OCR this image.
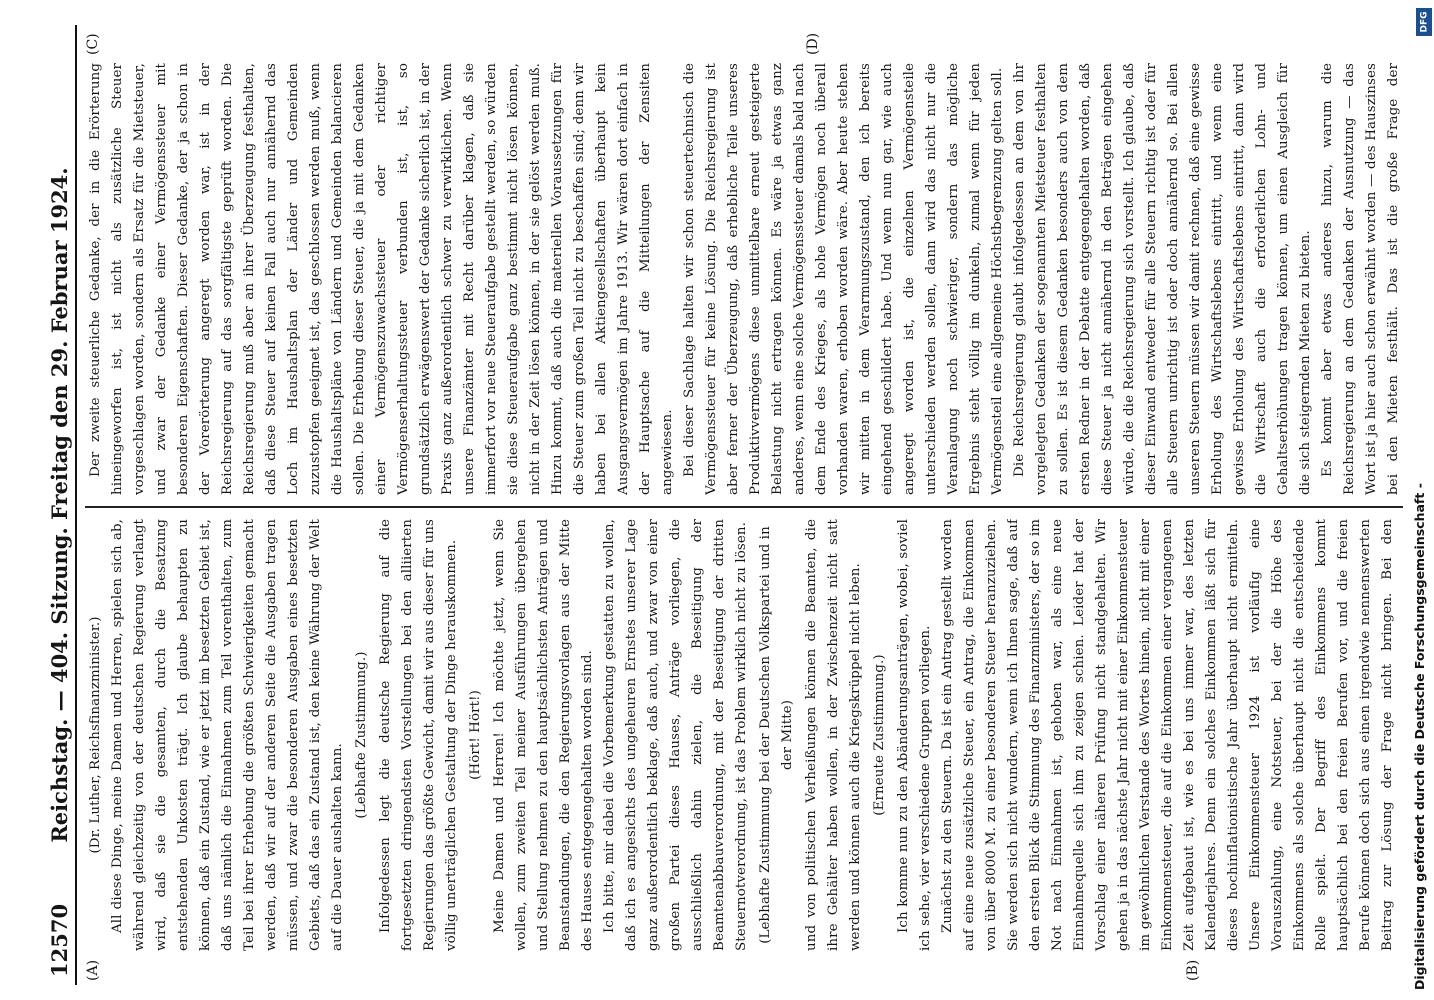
12570
Reichstag. — 404. Sitzung. Freitag den 29. Februar 1924.
(A)	(B)
(C)	(D)

(Dr. Luther, Reichsfinanzminister.) All diese Dinge, meine Damen und Herren, spielen sich ab, während gleichzeitig von der deutschen Regierung verlangt wird, daß sie die gesamten, durch die Besatzung entstehenden Unkosten trägt. Ich glaube behaupten zu können, daß ein Zustand, wie er jetzt im besetzten Gebiet ist, daß uns nämlich die Einnahmen zum Teil vorenthalten, zum Teil bei ihrer Erhebung die größten Schwierigkeiten gemacht werden, daß wir auf der anderen Seite die Ausgaben tragen müssen, und zwar die besonderen Ausgaben eines besetzten Gebiets, daß das ein Zustand ist, den keine Währung der Welt auf die Dauer aushalten kann.

(Lebhafte Zustimmung.) Infolgedessen legt die deutsche Regierung auf die fortgesetzten dringendsten Vorstellungen bei den alliierten Regierungen das größte Gewicht, damit wir aus dieser für uns völlig unerträglichen Gestaltung der Dinge herauskommen. (Hört! Hört!) Meine Damen und Herren! Ich möchte jetzt, wenn Sie wollen, zum zweiten Teil meiner Ausführungen übergehen und Stellung nehmen zu den hauptsächlichsten Anträgen und Beanstandungen, die den Regierungsvorlagen aus der Mitte des Hauses entgegengehalten worden sind. Ich bitte, mir dabei die Vorbemerkung gestatten zu wollen, daß ich es angesichts des ungeheuren Ernstes unserer Lage ganz außerordentlich beklage, daß auch, und zwar von einer großen Partei dieses Hauses, Anträge vorliegen, die ausschließlich dahin zielen, die Beseitigung der Beamtenabbauverordnung, mit der Beseitigung der dritten Steuernotverordnung, ist das Problem wirklich nicht zu lösen. (Lebhafte Zustimmung bei der Deutschen Volkspartei und in der Mitte) und von politischen Verheißungen können die Beamten, die ihre Gehälter haben wollen, in der Zwischenzeit nicht satt werden und können auch die Kriegskrüppel nicht leben. (Erneute Zustimmung.) Ich komme nun zu den Abänderungsanträgen, wobei, soviel ich sehe, vier verschiedene Gruppen vorliegen. Zunächst zu den Steuern. Da ist ein Antrag gestellt worden auf eine neue zusätzliche Steuer, ein Antrag, die Einkommen von über 8000 M. zu einer besonderen Steuer heranzuziehen. Sie werden sich nicht wundern, wenn ich Ihnen sage, daß auf den ersten Blick die Stimmung des Finanzministers, der so im Not nach Einnahmen ist, gehoben war, als eine neue Einnahmequelle sich ihm zu zeigen schien. Leider hat der Vorschlag einer näheren Prüfung nicht standgehalten. Wir gehen ja in das nächste Jahr nicht mit einer Einkommensteuer im gewöhnlichen Verstande des Wortes hinein, nicht mit einer Einkommensteuer, die auf die Einkommen einer vergangenen Zeit aufgebaut ist, wie es bei uns immer war, des letzten Kalenderjahres. Denn ein solches Einkommen läßt sich für dieses hochinflationistische Jahr überhaupt nicht ermitteln. Unsere Einkommensteuer 1924 ist vorläufig eine Vorauszahlung, eine Notsteuer, bei der die Höhe des Einkommens als solche überhaupt nicht die entscheidende Rolle spielt. Der Begriff des Einkommens kommt hauptsächlich bei den freien Berufen vor, und die freien Berufe können doch sich aus einen irgendwie nennenswerten Beitrag zur Lösung der Frage nicht bringen. Bei den

Der zweite steuerliche Gedanke, der in die Erörterung hineingeworfen ist, ist nicht als zusätzliche Steuer vorgeschlagen worden, sondern als Ersatz für die Mietsteuer, und zwar der Gedanke einer Vermögenssteuer mit besonderen Eigenschaften. Dieser Gedanke, der ja schon in der Vorerörterung angeregt worden war, ist in der Reichsregierung auf das sorgfältigste geprüft worden. Die Reichsregierung muß aber an ihrer Überzeugung festhalten, daß diese Steuer auf keinen Fall auch nur annähernd das Loch im Haushaltsplan der Länder und Gemeinden zuzustopfen geeignet ist, das geschlossen werden muß, wenn die Haushaltspläne von Ländern und Gemeinden balancieren sollen. Die Erhebung dieser Steuer, die ja mit dem Gedanken einer Vermögenszuwachssteuer oder richtiger Vermögenserhaltungssteuer verbunden ist, ist, so grundsätzlich erwägenswert der Gedanke sicherlich ist, in der Praxis ganz außerordentlich schwer zu verwirklichen. Wenn unsere Finanzämter mit Recht darüber klagen, daß sie immerfort vor neue Steueraufgabe gestellt werden, so würden sie diese Steueraufgabe ganz bestimmt nicht lösen können, nicht in der Zeit lösen können, in der sie gelöst werden muß. Hinzu kommt, daß auch die materiellen Voraussetzungen für die Steuer zum großen Teil nicht zu beschaffen sind; denn wir haben bei allen Aktiengesellschaften überhaupt kein Ausgangsvermögen im Jahre 1913. Wir wären dort einfach in der Hauptsache auf die Mitteilungen der Zensiten angewiesen. Bei dieser Sachlage halten wir schon steuertechnisch die Vermögenssteuer für keine Lösung. Die Reichsregierung ist aber ferner der Überzeugung, daß erhebliche Teile unseres Produktivvermögens diese unmittelbare erneut gesteigerte Belastung nicht ertragen können. Es wäre ja etwas ganz anderes, wenn eine solche Vermögenssteuer damals bald nach dem Ende des Krieges, als hohe Vermögen noch überall vorhanden waren, erhoben worden wäre. Aber heute stehen wir mitten in dem Verarmungszustand, den ich bereits eingehend geschildert habe. Und wenn nun gar, wie auch angeregt worden ist, die einzelnen Vermögensteile unterschieden werden sollen, dann wird das nicht nur die Veranlagung noch schwieriger, sondern das mögliche Ergebnis steht völlig im dunkeln, zumal wenn für jeden Vermögensteil eine allgemeine Höchstbegrenzung gelten soll. Die Reichsregierung glaubt infolgedessen an dem von ihr vorgelegten Gedanken der sogenannten Mietsteuer festhalten zu sollen. Es ist diesem Gedanken besonders auch von dem ersten Redner in der Debatte entgegengehalten worden, daß diese Steuer ja nicht annähernd in den Beträgen eingehen würde, die die Reichsregierung sich vorstellt. Ich glaube, daß dieser Einwand entweder für alle Steuern richtig ist oder für alle Steuern unrichtig ist oder doch annähernd so. Bei allen unseren Steuern müssen wir damit rechnen, daß eine gewisse Erholung des Wirtschaftslebens eintritt, und wenn eine gewisse Erholung des Wirtschaftslebens eintritt, dann wird die Wirtschaft auch die erforderlichen Lohn- und Gehaltserhöhungen tragen können, um einen Ausgleich für die sich steigernden Mieten zu bieten. Es kommt aber etwas anderes hinzu, warum die Reichsregierung an dem Gedanken der Ausnutzung — das Wort ist ja hier auch schon erwähnt worden — des Hauszinses bei den Mieten festhält. Das ist die große Frage der

Digitalisierung gefördert durch die Deutsche Forschungsgemeinschaft -
DFG
